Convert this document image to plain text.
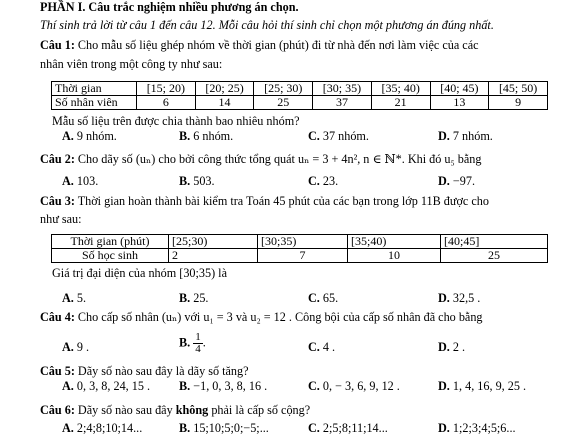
PHẦN I. Câu trắc nghiệm nhiều phương án chọn.
Thí sinh trả lời từ câu 1 đến câu 12. Mỗi câu hỏi thí sinh chỉ chọn một phương án đúng nhất.
Câu 1: Cho mẫu số liệu ghép nhóm về thời gian (phút) đi từ nhà đến nơi làm việc của các
nhân viên trong một công ty như sau:
Thời gian	[15; 20)	[20; 25)	[25; 30)	[30; 35)	[35; 40)	[40; 45)	[45; 50)
Số nhân viên	6	14	25	37	21	13	9
Mẫu số liệu trên được chia thành bao nhiêu nhóm?
A. 9 nhóm.	B. 6 nhóm.	C. 37 nhóm.	D. 7 nhóm.
Câu 2: Cho dãy số (uₙ) cho bởi công thức tổng quát uₙ = 3 + 4n², n ∈ ℕ*. Khi đó u₅ bằng
A. 103.	B. 503.	C. 23.	D. −97.
Câu 3: Thời gian hoàn thành bài kiểm tra Toán 45 phút của các bạn trong lớp 11B được cho
như sau:
Thời gian (phút)	[25;30)	[30;35)	[35;40)	[40;45]
Số học sinh	2	7	10	25
Giá trị đại diện của nhóm [30;35) là
A. 5.	B. 25.	C. 65.	D. 32,5 .
Câu 4: Cho cấp số nhân (uₙ) với u₁ = 3 và u₂ = 12 . Công bội của cấp số nhân đã cho bằng
A. 9 .	B. $\frac{1}{4}$ .	C. 4 .	D. 2 .
Câu 5: Dãy số nào sau đây là dãy số tăng?
A. 0, 3, 8, 24, 15 . B. −1, 0, 3, 8, 16 .	C. 0, − 3, 6, 9, 12 .	D. 1, 4, 16, 9, 25 .
Câu 6: Dãy số nào sau đây không phải là cấp số cộng?
A. 2;4;8;10;14...	B. 15;10;5;0;−5;...	C. 2;5;8;11;14...	D. 1;2;3;4;5;6...
